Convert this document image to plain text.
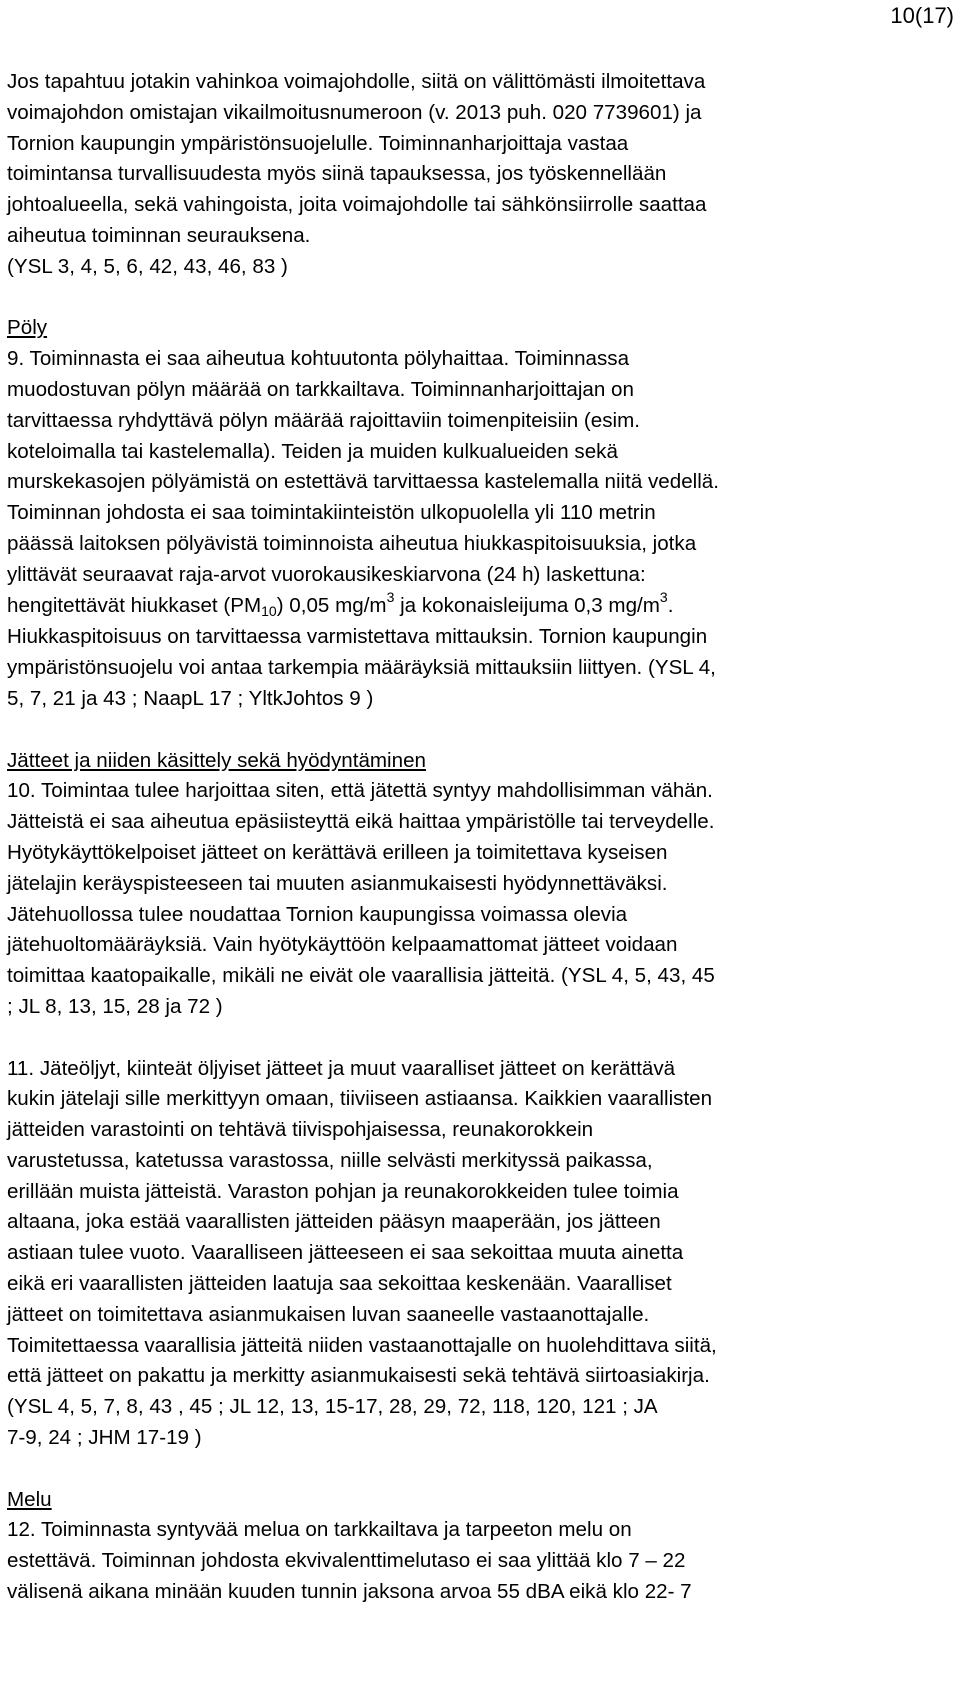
10(17)
Jos tapahtuu jotakin vahinkoa voimajohdolle, siitä on välittömästi ilmoitettava
voimajohdon omistajan vikailmoitusnumeroon (v. 2013 puh. 020 7739601) ja
Tornion kaupungin ympäristönsuojelulle. Toiminnanharjoittaja vastaa
toimintansa turvallisuudesta myös siinä tapauksessa, jos työskennellään
johtoalueella, sekä vahingoista, joita voimajohdolle tai sähkönsiirrolle saattaa
aiheutua toiminnan seurauksena.
(YSL 3, 4, 5, 6, 42, 43, 46, 83 )
Pöly
9. Toiminnasta ei saa aiheutua kohtuutonta pölyhaittaa. Toiminnassa
muodostuvan pölyn määrää on tarkkailtava. Toiminnanharjoittajan on
tarvittaessa ryhdyttävä pölyn määrää rajoittaviin toimenpiteisiin (esim.
koteloimalla tai kastelemalla). Teiden ja muiden kulkualueiden sekä
murskekasojen pölyämistä on estettävä tarvittaessa kastelemalla niitä vedellä.
Toiminnan johdosta ei saa toimintakiinteistön ulkopuolella yli 110 metrin
päässä laitoksen pölyävistä toiminnoista aiheutua hiukkaspitoisuuksia, jotka
ylittävät seuraavat raja-arvot vuorokausikeskiarvona (24 h) laskettuna:
hengitettävät hiukkaset (PM10) 0,05 $mg/m^3$ ja kokonaisleijuma 0,3 $mg/m^3$.
Hiukkaspitoisuus on tarvittaessa varmistettava mittauksin. Tornion kaupungin
ympäristönsuojelu voi antaa tarkempia määräyksiä mittauksiin liittyen. (YSL 4,
5, 7, 21 ja 43 ; NaapL 17 ; YltkJohtos 9 )
Jätteet ja niiden käsittely sekä hyödyntäminen
10. Toimintaa tulee harjoittaa siten, että jätettä syntyy mahdollisimman vähän.
Jätteistä ei saa aiheutua epäsiisteyttä eikä haittaa ympäristölle tai terveydelle.
Hyötykäyttökelpoiset jätteet on kerättävä erilleen ja toimitettava kyseisen
jätelajin keräyspisteeseen tai muuten asianmukaisesti hyödynnettäväksi.
Jätehuollossa tulee noudattaa Tornion kaupungissa voimassa olevia
jätehuoltomääräyksiä. Vain hyötykäyttöön kelpaamattomat jätteet voidaan
toimittaa kaatopaikalle, mikäli ne eivät ole vaarallisia jätteitä. (YSL 4, 5, 43, 45
; JL 8, 13, 15, 28 ja 72 )
11. Jäteöljyt, kiinteät öljyiset jätteet ja muut vaaralliset jätteet on kerättävä
kukin jätelaji sille merkittyyn omaan, tiiviiseen astiaansa. Kaikkien vaarallisten
jätteiden varastointi on tehtävä tiivispohjaisessa, reunakorokkein
varustetussa, katetussa varastossa, niille selvästi merkityssä paikassa,
erillään muista jätteistä. Varaston pohjan ja reunakorokkeiden tulee toimia
altaana, joka estää vaarallisten jätteiden pääsyn maaperään, jos jätteen
astiaan tulee vuoto. Vaaralliseen jätteeseen ei saa sekoittaa muuta ainetta
eikä eri vaarallisten jätteiden laatuja saa sekoittaa keskenään. Vaaralliset
jätteet on toimitettava asianmukaisen luvan saaneelle vastaanottajalle.
Toimitettaessa vaarallisia jätteitä niiden vastaanottajalle on huolehdittava siitä,
että jätteet on pakattu ja merkitty asianmukaisesti sekä tehtävä siirtoasiakirja.
(YSL 4, 5, 7, 8, 43 , 45 ; JL 12, 13, 15-17, 28, 29, 72, 118, 120, 121 ; JA
7-9, 24 ; JHM 17-19 )
Melu
12. Toiminnasta syntyvää melua on tarkkailtava ja tarpeeton melu on
estettävä. Toiminnan johdosta ekvivalenttimelutaso ei saa ylittää klo 7 – 22
välisenä aikana minään kuuden tunnin jaksona arvoa 55 dBA eikä klo 22- 7
